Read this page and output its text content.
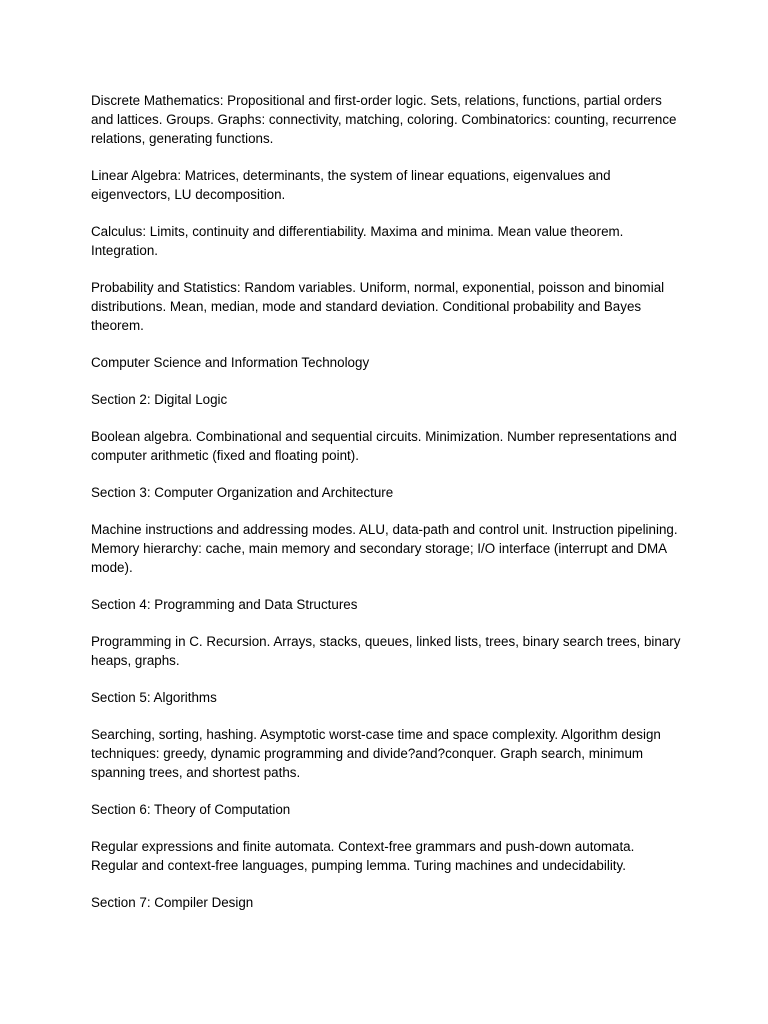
Discrete Mathematics: Propositional and first-order logic. Sets, relations, functions, partial orders and lattices. Groups. Graphs: connectivity, matching, coloring. Combinatorics: counting, recurrence relations, generating functions.

Linear Algebra: Matrices, determinants, the system of linear equations, eigenvalues and eigenvectors, LU decomposition.

Calculus: Limits, continuity and differentiability. Maxima and minima. Mean value theorem. Integration.

Probability and Statistics: Random variables. Uniform, normal, exponential, poisson and binomial distributions. Mean, median, mode and standard deviation. Conditional probability and Bayes theorem.

Computer Science and Information Technology

Section 2: Digital Logic

Boolean algebra. Combinational and sequential circuits. Minimization. Number representations and computer arithmetic (fixed and floating point).

Section 3: Computer Organization and Architecture

Machine instructions and addressing modes. ALU, data-path and control unit. Instruction pipelining. Memory hierarchy: cache, main memory and secondary storage; I/O interface (interrupt and DMA mode).

Section 4: Programming and Data Structures

Programming in C. Recursion. Arrays, stacks, queues, linked lists, trees, binary search trees, binary heaps, graphs.

Section 5: Algorithms

Searching, sorting, hashing. Asymptotic worst-case time and space complexity. Algorithm design techniques: greedy, dynamic programming and divide?and?conquer. Graph search, minimum spanning trees, and shortest paths.

Section 6: Theory of Computation

Regular expressions and finite automata. Context-free grammars and push-down automata. Regular and context-free languages, pumping lemma. Turing machines and undecidability.

Section 7: Compiler Design
